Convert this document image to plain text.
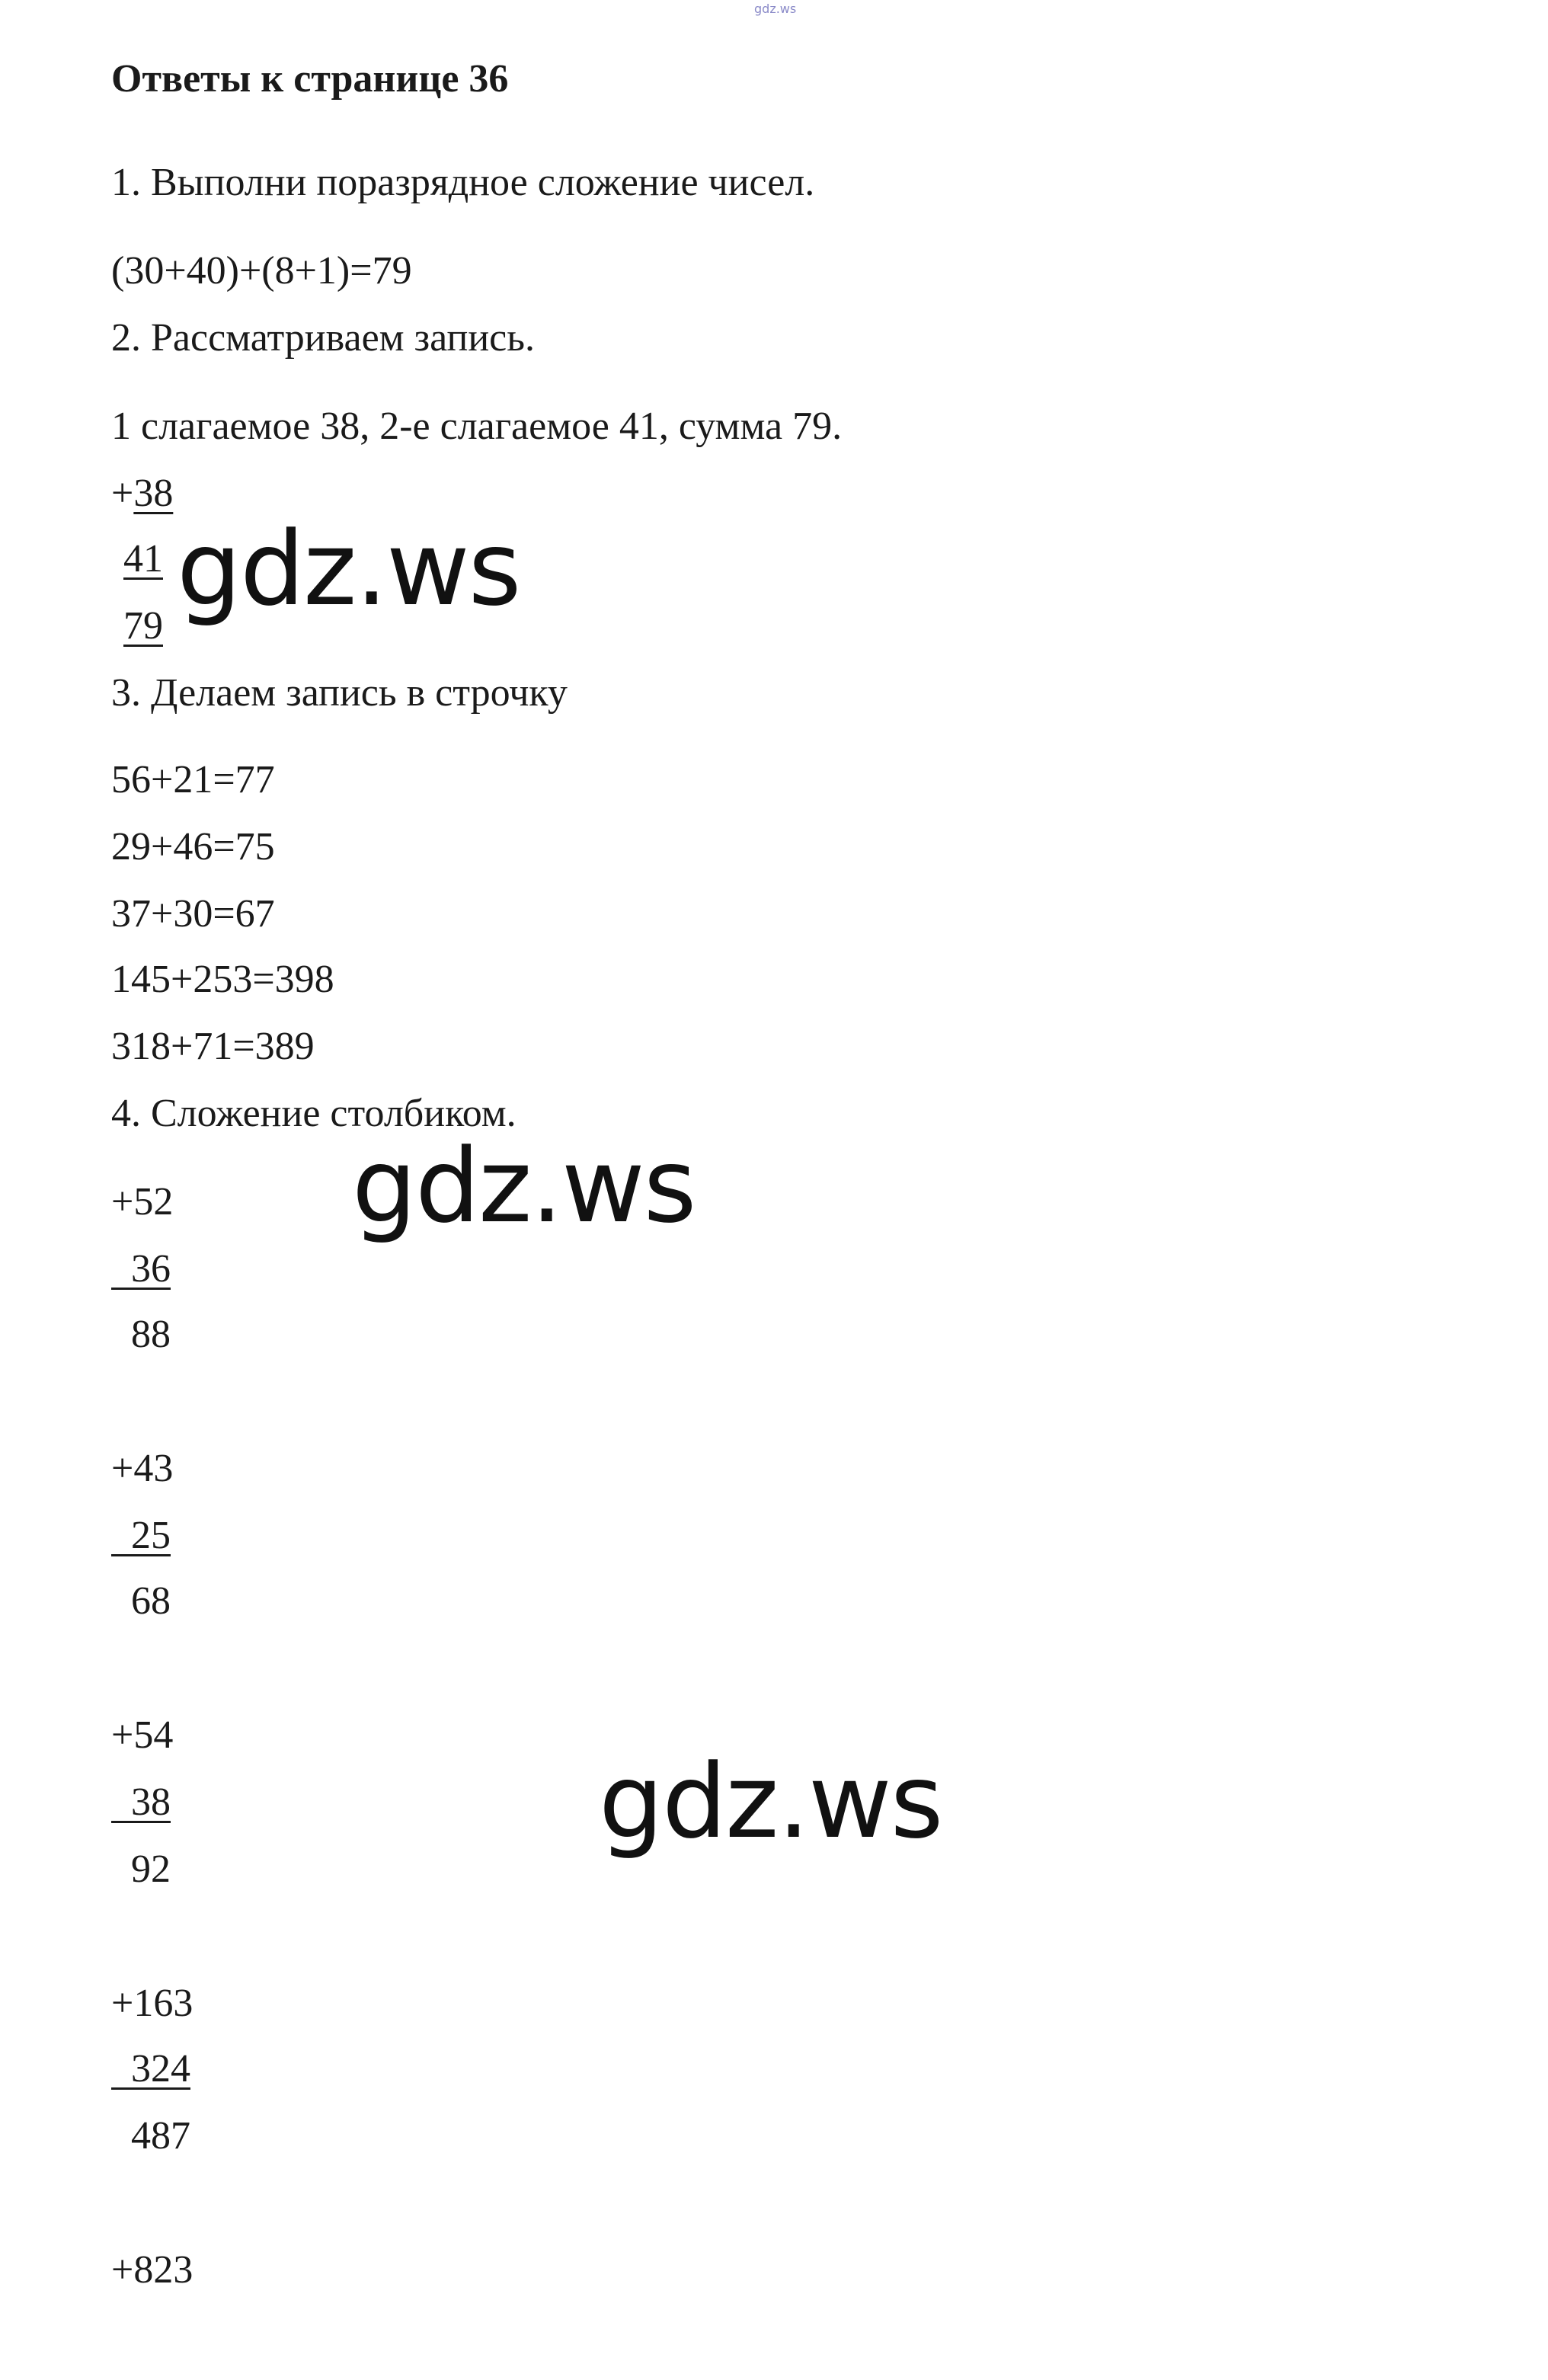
gdz.ws
Ответы к странице 36
1. Выполни поразрядное сложение чисел.
(30+40)+(8+1)=79
2. Рассматриваем запись.
1 слагаемое 38, 2-е слагаемое 41, сумма 79.
+38
41
79
3. Делаем запись в строчку
56+21=77
29+46=75
37+30=67
145+253=398
318+71=389
4. Сложение столбиком.
+52
36
88
+43
25
68
+54
38
92
+163
324
487
+823
gdz.ws
gdz.ws
gdz.ws
